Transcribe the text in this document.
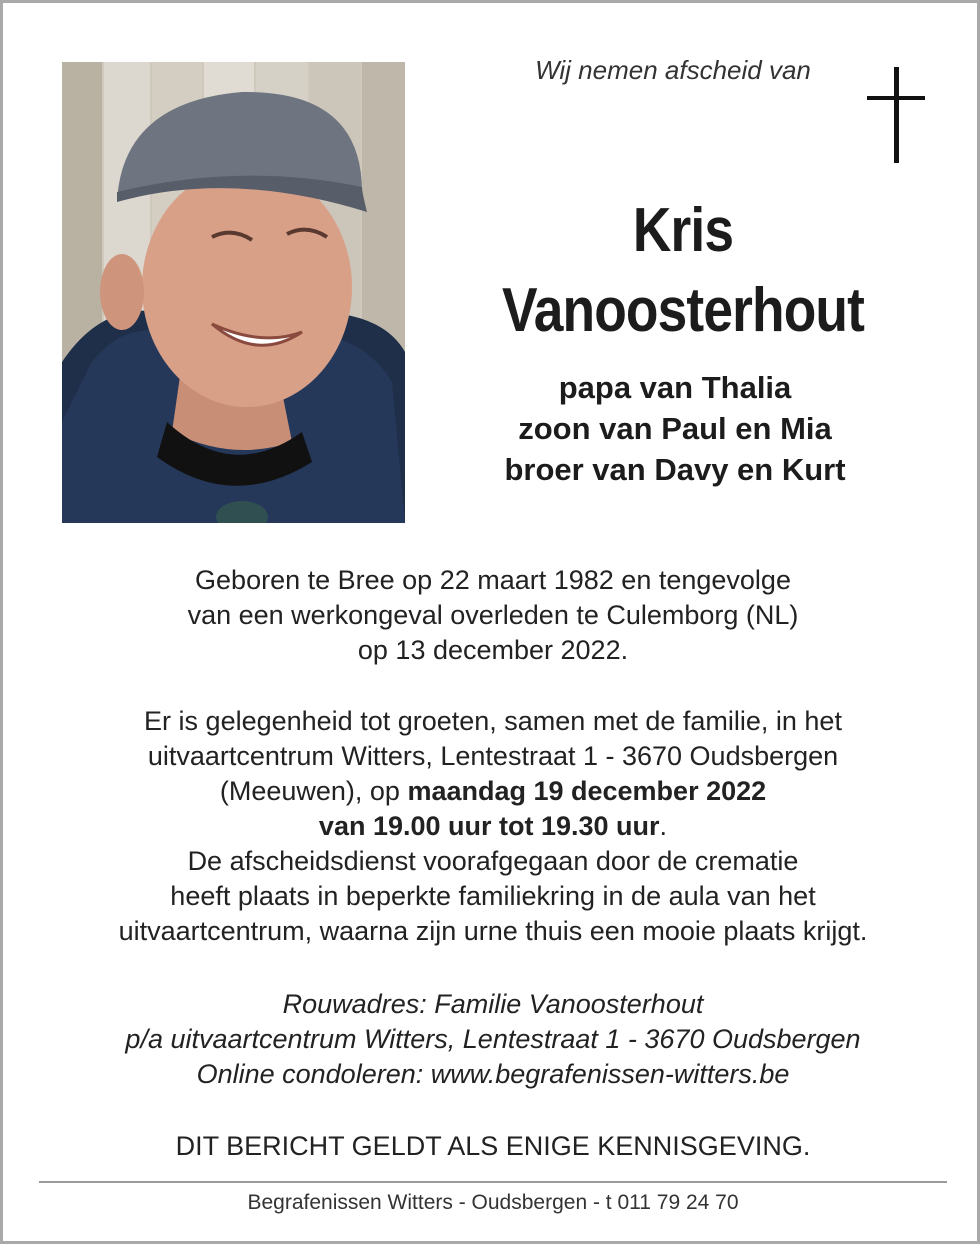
Wij nemen afscheid van
Kris
Vanoosterhout
papa van Thalia
zoon van Paul en Mia
broer van Davy en Kurt
Geboren te Bree op 22 maart 1982 en tengevolge
van een werkongeval overleden te Culemborg (NL)
op 13 december 2022.
Er is gelegenheid tot groeten, samen met de familie, in het
uitvaartcentrum Witters, Lentestraat 1 - 3670 Oudsbergen
(Meeuwen), op maandag 19 december 2022
van 19.00 uur tot 19.30 uur.
De afscheidsdienst voorafgegaan door de crematie
heeft plaats in beperkte familiekring in de aula van het
uitvaartcentrum, waarna zijn urne thuis een mooie plaats krijgt.
Rouwadres: Familie Vanoosterhout
p/a uitvaartcentrum Witters, Lentestraat 1 - 3670 Oudsbergen
Online condoleren: www.begrafenissen-witters.be
DIT BERICHT GELDT ALS ENIGE KENNISGEVING.
Begrafenissen Witters - Oudsbergen - t 011 79 24 70
